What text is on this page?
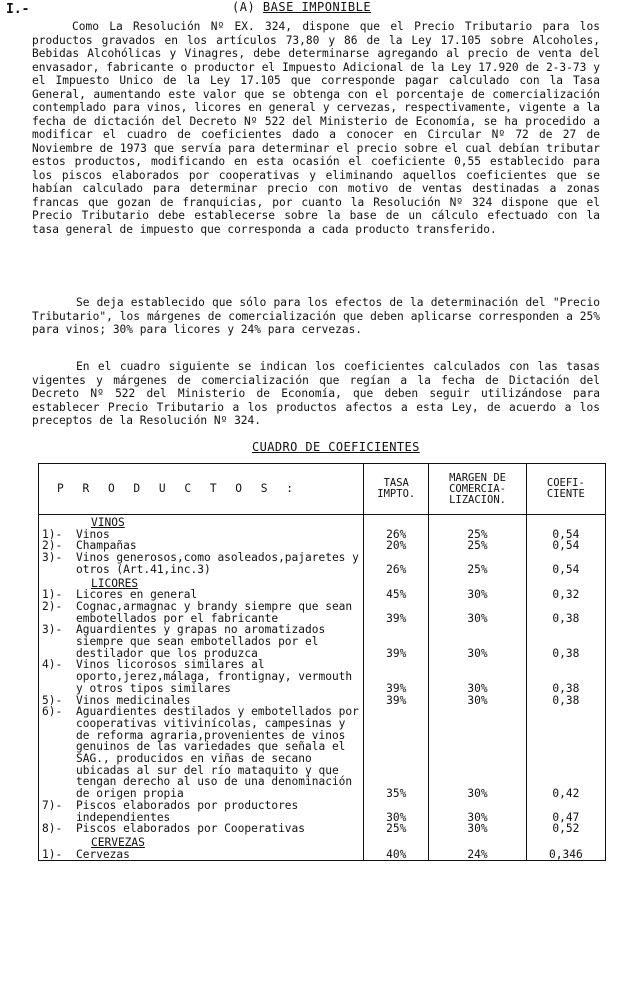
I.-	(A) BASE IMPONIBLE
Como La Resolución Nº EX. 324, dispone que el Precio Tributario para los productos gravados en los artículos 73,80 y 86 de la Ley 17.105 sobre Alcoholes, Bebidas Alcohólicas y Vinagres, debe determinarse agregando al precio de venta del envasador, fabricante o productor el Impuesto Adicional de la Ley 17.920 de 2-3-73 y el Impuesto Unico de la Ley 17.105 que corresponde pagar calculado con la Tasa General, aumentando este valor que se obtenga con el porcentaje de comercialización contemplado para vinos, licores en general y cervezas, respectivamente, vigente a la fecha de dictación del Decreto Nº 522 del Ministerio de Economía, se ha procedido a modificar el cuadro de coeficientes dado a conocer en Circular Nº 72 de 27 de Noviembre de 1973 que servía para determinar el precio sobre el cual debían tributar estos productos, modificando en esta ocasión el coeficiente 0,55 establecido para los piscos elaborados por cooperativas y eliminando aquellos coeficientes que se habían calculado para determinar precio con motivo de ventas destinadas a zonas francas que gozan de franquicias, por cuanto la Resolución Nº 324 dispone que el Precio Tributario debe establecerse sobre la base de un cálculo efectuado con la tasa general de impuesto que corresponda a cada producto transferido.
Se deja establecido que sólo para los efectos de la determinación del "Precio Tributario", los márgenes de comercialización que deben aplicarse corresponden a 25% para vinos; 30% para licores y 24% para cervezas.
En el cuadro siguiente se indican los coeficientes calculados con las tasas vigentes y márgenes de comercialización que regían a la fecha de Dictación del Decreto Nº 522 del Ministerio de Economía, que deben seguir utilizándose para establecer Precio Tributario a los productos afectos a esta Ley, de acuerdo a los preceptos de la Resolución Nº 324.
CUADRO DE COEFICIENTES
P R O D U C T O S :	TASA IMPTO.	MARGEN DE COMERCIA-LIZACION.	COEFI-CIENTE
VINOS			

1)- Vinos	26%	25%	0,54

2)- Champañas	20%	25%	0,54

3)- Vinos generosos,como asoleados,pajaretes y otros (Art.41,inc.3)	26%	25%	0,54
LICORES			

1)- Licores en general	45%	30%	0,32

2)- Cognac,armagnac y brandy siempre que sean embotellados por el fabricante	39%	30%	0,38

3)- Aguardientes y grapas no aromatizados siempre que sean embotellados por el destilador que los produzca	39%	30%	0,38

4)- Vinos licorosos similares al oporto,jerez,málaga, frontignay, vermouth y otros tipos similares	39%	30%	0,38

5)- Vinos medicinales	39%	30%	0,38

6)- Aguardientes destilados y embotellados por cooperativas vitivinícolas, campesinas y de reforma agraria,provenientes de vinos genuinos de las variedades que señala el SAG., producidos en viñas de secano ubicadas al sur del río mataquito y que tengan derecho al uso de una denominación de origen propia	35%	30%	0,42

7)- Piscos elaborados por productores independientes	30%	30%	0,47

8)- Piscos elaborados por Cooperativas	25%	30%	0,52
CERVEZAS			

1)- Cervezas	40%	24%	0,346
